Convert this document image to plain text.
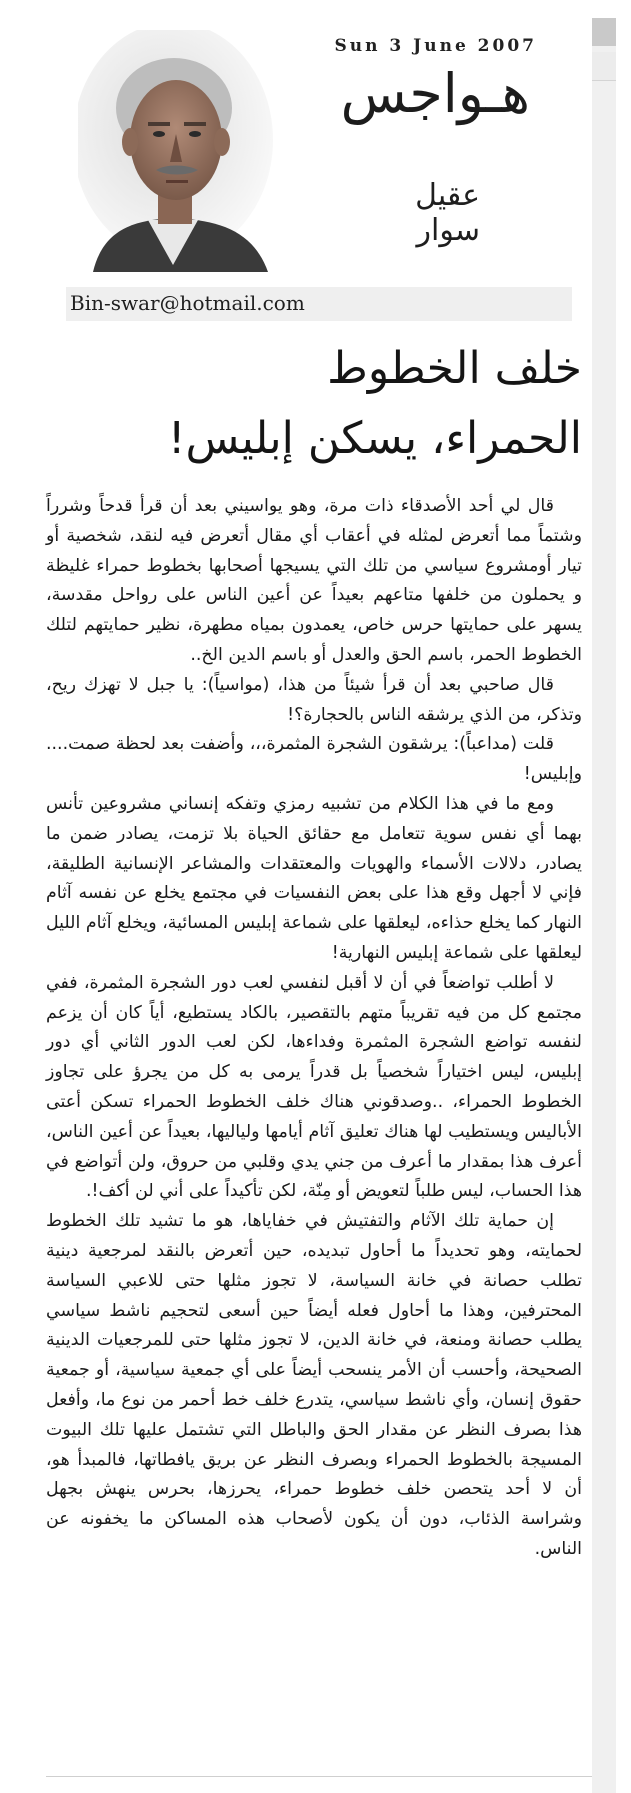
Sun 3 June 2007
هـواجس
عقيل سوار
Bin-swar@hotmail.com
خلف الخطوط
الحمراء، يسكن إبليس!

قال لي أحد الأصدقاء ذات مرة، وهو يواسيني بعد أن قرأ قدحاً وشرراً وشتماً مما أتعرض لمثله في أعقاب أي مقال أتعرض فيه لنقد، شخصية أو تيار أومشروع سياسي من تلك التي يسيجها أصحابها بخطوط حمراء غليظة و يحملون من خلفها متاعهم بعيداً عن أعين الناس على رواحل مقدسة، يسهر على حمايتها حرس خاص، يعمدون بمياه مطهرة، نظير حمايتهم لتلك الخطوط الحمر، باسم الحق والعدل أو باسم الدين الخ..

قال صاحبي بعد أن قرأ شيئاً من هذا، (مواسياً): يا جبل لا تهزك ريح، وتذكر، من الذي يرشقه الناس بالحجارة؟!

قلت (مداعباً): يرشقون الشجرة المثمرة،،، وأضفت بعد لحظة صمت.... وإبليس!

ومع ما في هذا الكلام من تشبيه رمزي وتفكه إنساني مشروعين تأنس بهما أي نفس سوية تتعامل مع حقائق الحياة بلا تزمت، يصادر ضمن ما يصادر، دلالات الأسماء والهويات والمعتقدات والمشاعر الإنسانية الطليقة، فإني لا أجهل وقع هذا على بعض النفسيات في مجتمع يخلع عن نفسه آثام النهار كما يخلع حذاءه، ليعلقها على شماعة إبليس المسائية، ويخلع آثام الليل ليعلقها على شماعة إبليس النهارية!

لا أطلب تواضعاً في أن لا أقبل لنفسي لعب دور الشجرة المثمرة، ففي مجتمع كل من فيه تقريباً متهم بالتقصير، بالكاد يستطيع، أياً كان أن يزعم لنفسه تواضع الشجرة المثمرة وفداءها، لكن لعب الدور الثاني أي دور إبليس، ليس اختياراً شخصياً بل قدراً يرمى به كل من يجرؤ على تجاوز الخطوط الحمراء، ..وصدقوني هناك خلف الخطوط الحمراء تسكن أعتى الأباليس ويستطيب لها هناك تعليق آثام أيامها ولياليها، بعيداً عن أعين الناس، أعرف هذا بمقدار ما أعرف من جني يدي وقلبي من حروق، ولن أتواضع في هذا الحساب، ليس طلباً لتعويض أو مِنّة، لكن تأكيداً على أني لن أكف!.

إن حماية تلك الآثام والتفتيش في خفاياها، هو ما تشيد تلك الخطوط لحمايته، وهو تحديداً ما أحاول تبديده، حين أتعرض بالنقد لمرجعية دينية تطلب حصانة في خانة السياسة، لا تجوز مثلها حتى للاعبي السياسة المحترفين، وهذا ما أحاول فعله أيضاً حين أسعى لتحجيم ناشط سياسي يطلب حصانة ومنعة، في خانة الدين، لا تجوز مثلها حتى للمرجعيات الدينية الصحيحة، وأحسب أن الأمر ينسحب أيضاً على أي جمعية سياسية، أو جمعية حقوق إنسان، وأي ناشط سياسي، يتدرع خلف خط أحمر من نوع ما، وأفعل هذا بصرف النظر عن مقدار الحق والباطل التي تشتمل عليها تلك البيوت المسيجة بالخطوط الحمراء وبصرف النظر عن بريق يافطاتها، فالمبدأ هو، أن لا أحد يتحصن خلف خطوط حمراء، يحرزها، بحرس ينهش بجهل وشراسة الذئاب، دون أن يكون لأصحاب هذه المساكن ما يخفونه عن الناس.
